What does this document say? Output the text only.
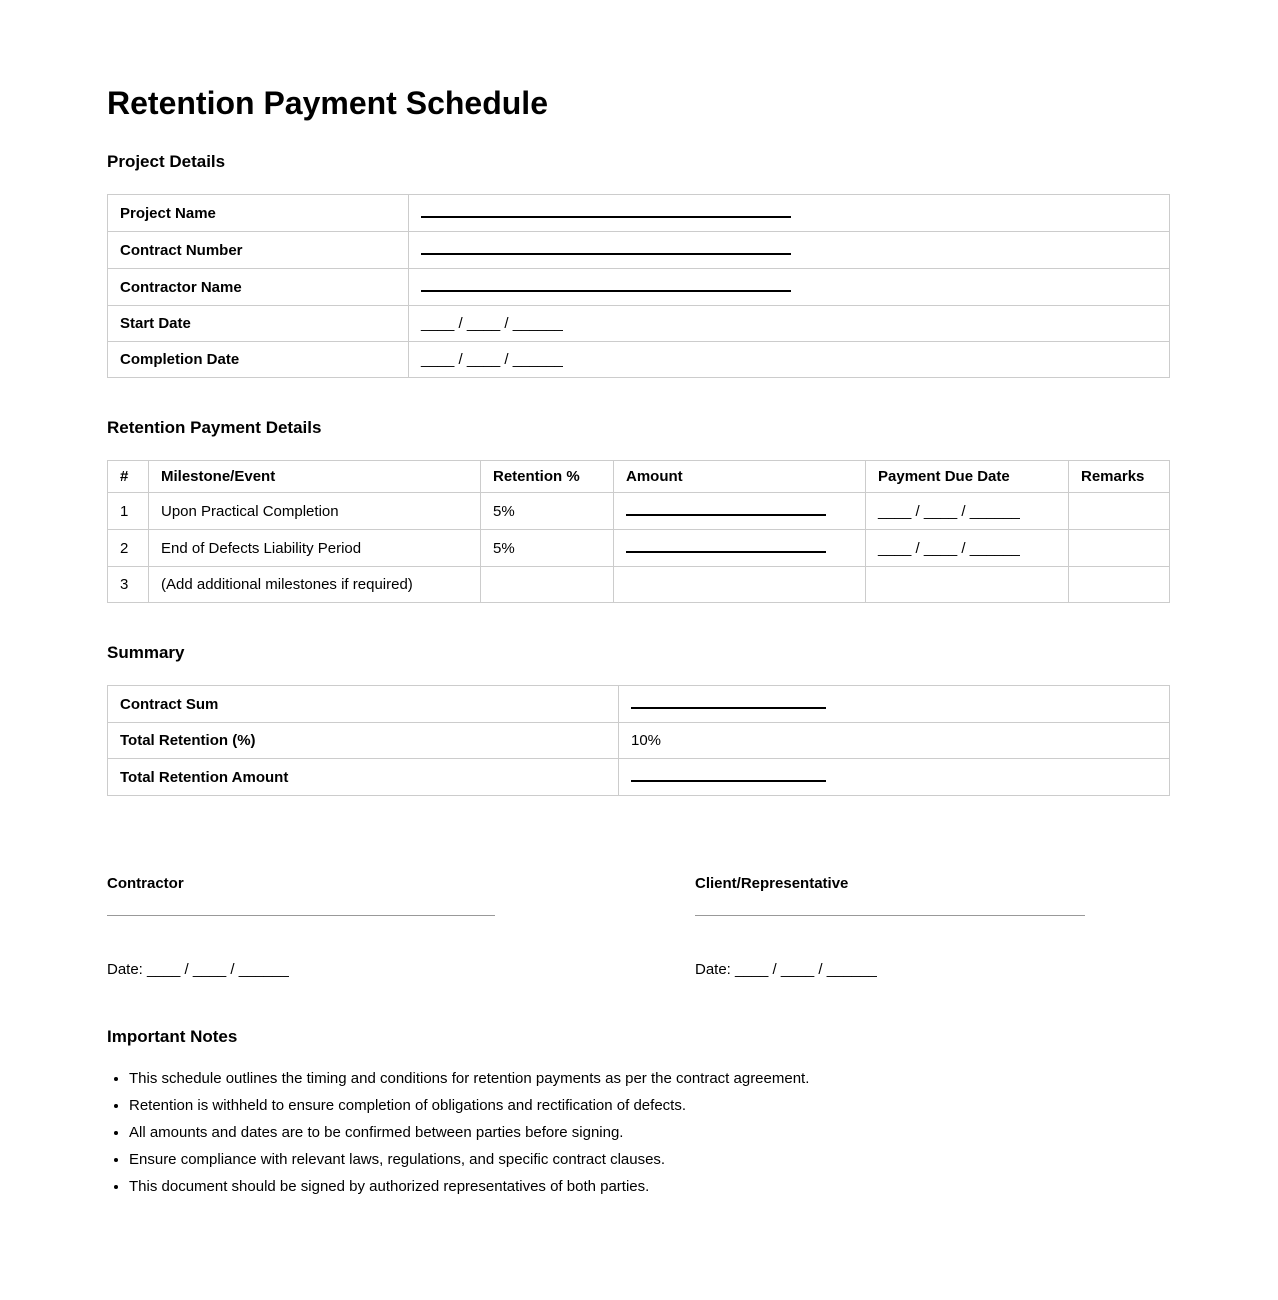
Retention Payment Schedule
Project Details
Project Name	
Contract Number	
Contractor Name	
Start Date	____ / ____ / ______
Completion Date	____ / ____ / ______
Retention Payment Details
#	Milestone/Event	Retention %	Amount	Payment Due Date	Remarks
1	Upon Practical Completion	5%		____ / ____ / ______	
2	End of Defects Liability Period	5%		____ / ____ / ______	
3	(Add additional milestones if required)				
Summary
Contract Sum	
Total Retention (%)	10%
Total Retention Amount	
Contractor
Date: ____ / ____ / ______
Client/Representative
Date: ____ / ____ / ______
Important Notes
• This schedule outlines the timing and conditions for retention payments as per the contract agreement.
• Retention is withheld to ensure completion of obligations and rectification of defects.
• All amounts and dates are to be confirmed between parties before signing.
• Ensure compliance with relevant laws, regulations, and specific contract clauses.
• This document should be signed by authorized representatives of both parties.
